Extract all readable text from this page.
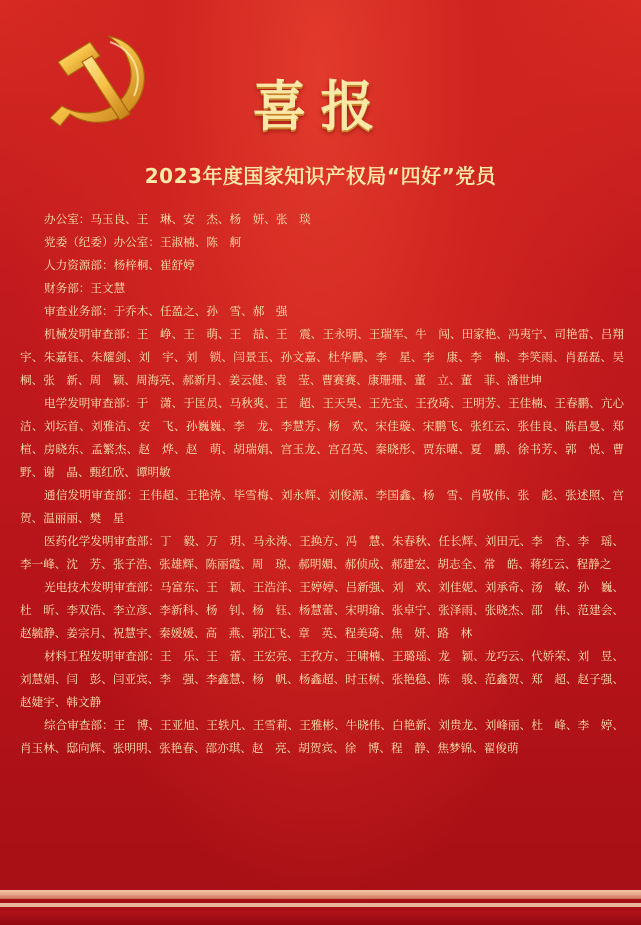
喜报
2023年度国家知识产权局“四好”党员

办公室：马玉良、王　琳、安　杰、杨　妍、张　琰

党委（纪委）办公室：王淑楠、陈　舸

人力资源部：杨梓桐、崔舒婷

财务部：王文慧

审查业务部：于乔木、任盈之、孙　雪、郝　强

机械发明审查部：王　峥、王　萌、王　喆、王　震、王永明、王瑞军、牛　闯、田家艳、冯夷宁、司艳雷、吕翔宇、朱嘉钰、朱耀剑、刘　宇、刘　锁、闫景玉、孙文嘉、杜华鹏、李　星、李　康、李　楠、李笑雨、肖磊磊、吴　桐、张　新、周　颖、周海亮、郝新月、姜云健、袁　莹、曹赛赛、康珊珊、董　立、董　菲、潘世坤

电学发明审查部：于　潇、于匡员、马秋爽、王　超、王天昊、王先宝、王孜琦、王明芳、王佳楠、王春鹏、亢心洁、刘坛首、刘雅洁、安　飞、孙巍巍、李　龙、李慧芳、杨　欢、宋佳璇、宋鹏飞、张红云、张佳良、陈昌曼、郑　楦、房晓东、孟繁杰、赵　烨、赵　萌、胡瑞娟、宫玉龙、宫召英、秦晓彤、贾东曜、夏　鹏、徐书芳、郭　悦、曹　野、谢　晶、甄红欣、谭明敏

通信发明审查部：王伟超、王艳涛、毕雪梅、刘永辉、刘俊源、李国鑫、杨　雪、肖敬伟、张　彪、张述照、宫　贺、温丽丽、樊　星

医药化学发明审查部：丁　毅、万　玥、马永涛、王换方、冯　慧、朱春秋、任长辉、刘田元、李　杏、李　瑶、李一峰、沈　芳、张子浩、张雄辉、陈丽霞、周　琼、郝明媚、郝侦成、郝建宏、胡志全、常　皓、蒋红云、程静之

光电技术发明审查部：马富东、王　颖、王浩洋、王婷婷、吕新强、刘　欢、刘佳妮、刘承奇、汤　敏、孙　巍、杜　昕、李双浩、李立彦、李新科、杨　钊、杨　钰、杨慧蕾、宋明瑜、张卓宁、张泽雨、张晓杰、邵　伟、范建会、赵毓静、姜宗月、祝慧宇、秦媛媛、高　燕、郭江飞、章　英、程美琦、焦　妍、路　林

材料工程发明审查部：王　乐、王　蕾、王宏亮、王孜方、王啸楠、王璐瑶、龙　颖、龙巧云、代娇荣、刘　昱、刘慧娟、闫　彭、闫亚宾、李　强、李鑫慧、杨　帆、杨鑫超、时玉树、张艳稳、陈　骏、范鑫贺、郑　超、赵子强、赵婕宇、韩文静

综合审查部：王　博、王亚旭、王轶凡、王雪莉、王雅彬、牛晓伟、白艳新、刘贵龙、刘峰丽、杜　峰、李　婷、肖玉林、邸向辉、张明明、张艳春、邵亦琪、赵　亮、胡贺宾、徐　博、程　静、焦梦锦、翟俊萌
